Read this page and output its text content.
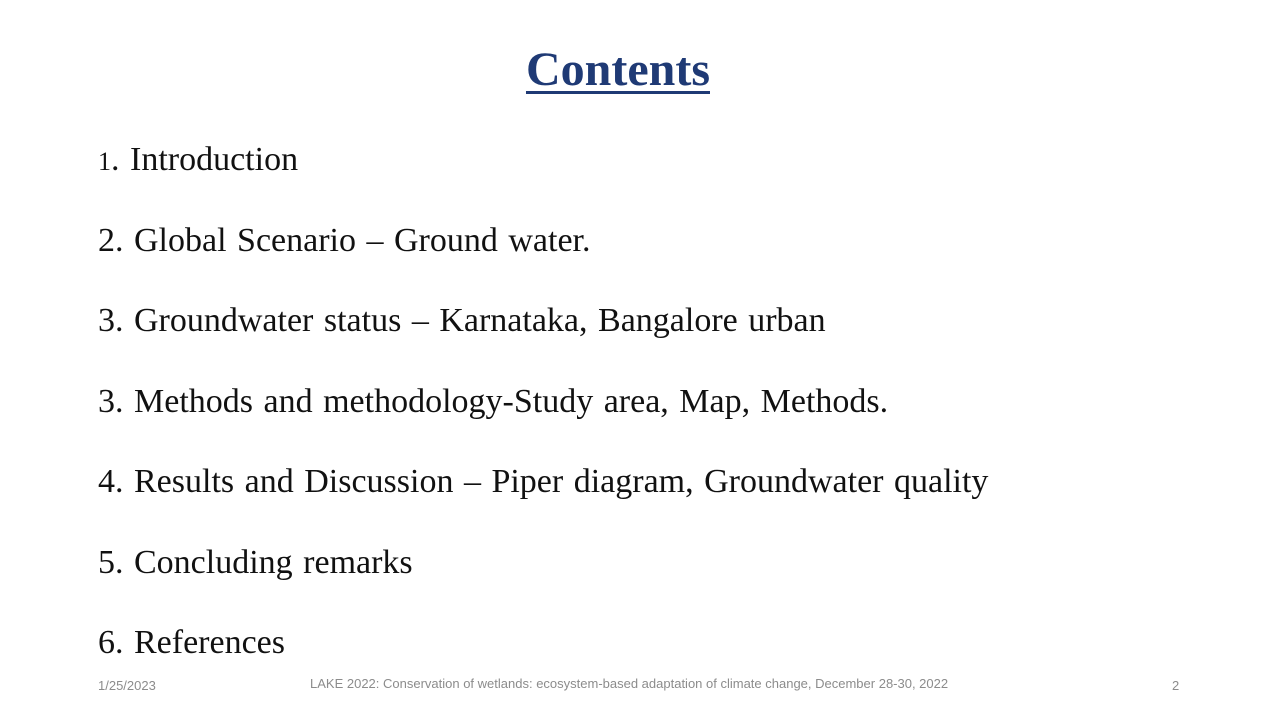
Contents
1. Introduction
2. Global Scenario – Ground water.
3. Groundwater status – Karnataka, Bangalore urban
3. Methods and methodology-Study area, Map, Methods.
4. Results and Discussion – Piper diagram, Groundwater quality
5. Concluding remarks
6. References
1/25/2023	LAKE 2022: Conservation of wetlands: ecosystem-based adaptation of climate change, December 28-30, 2022	2
